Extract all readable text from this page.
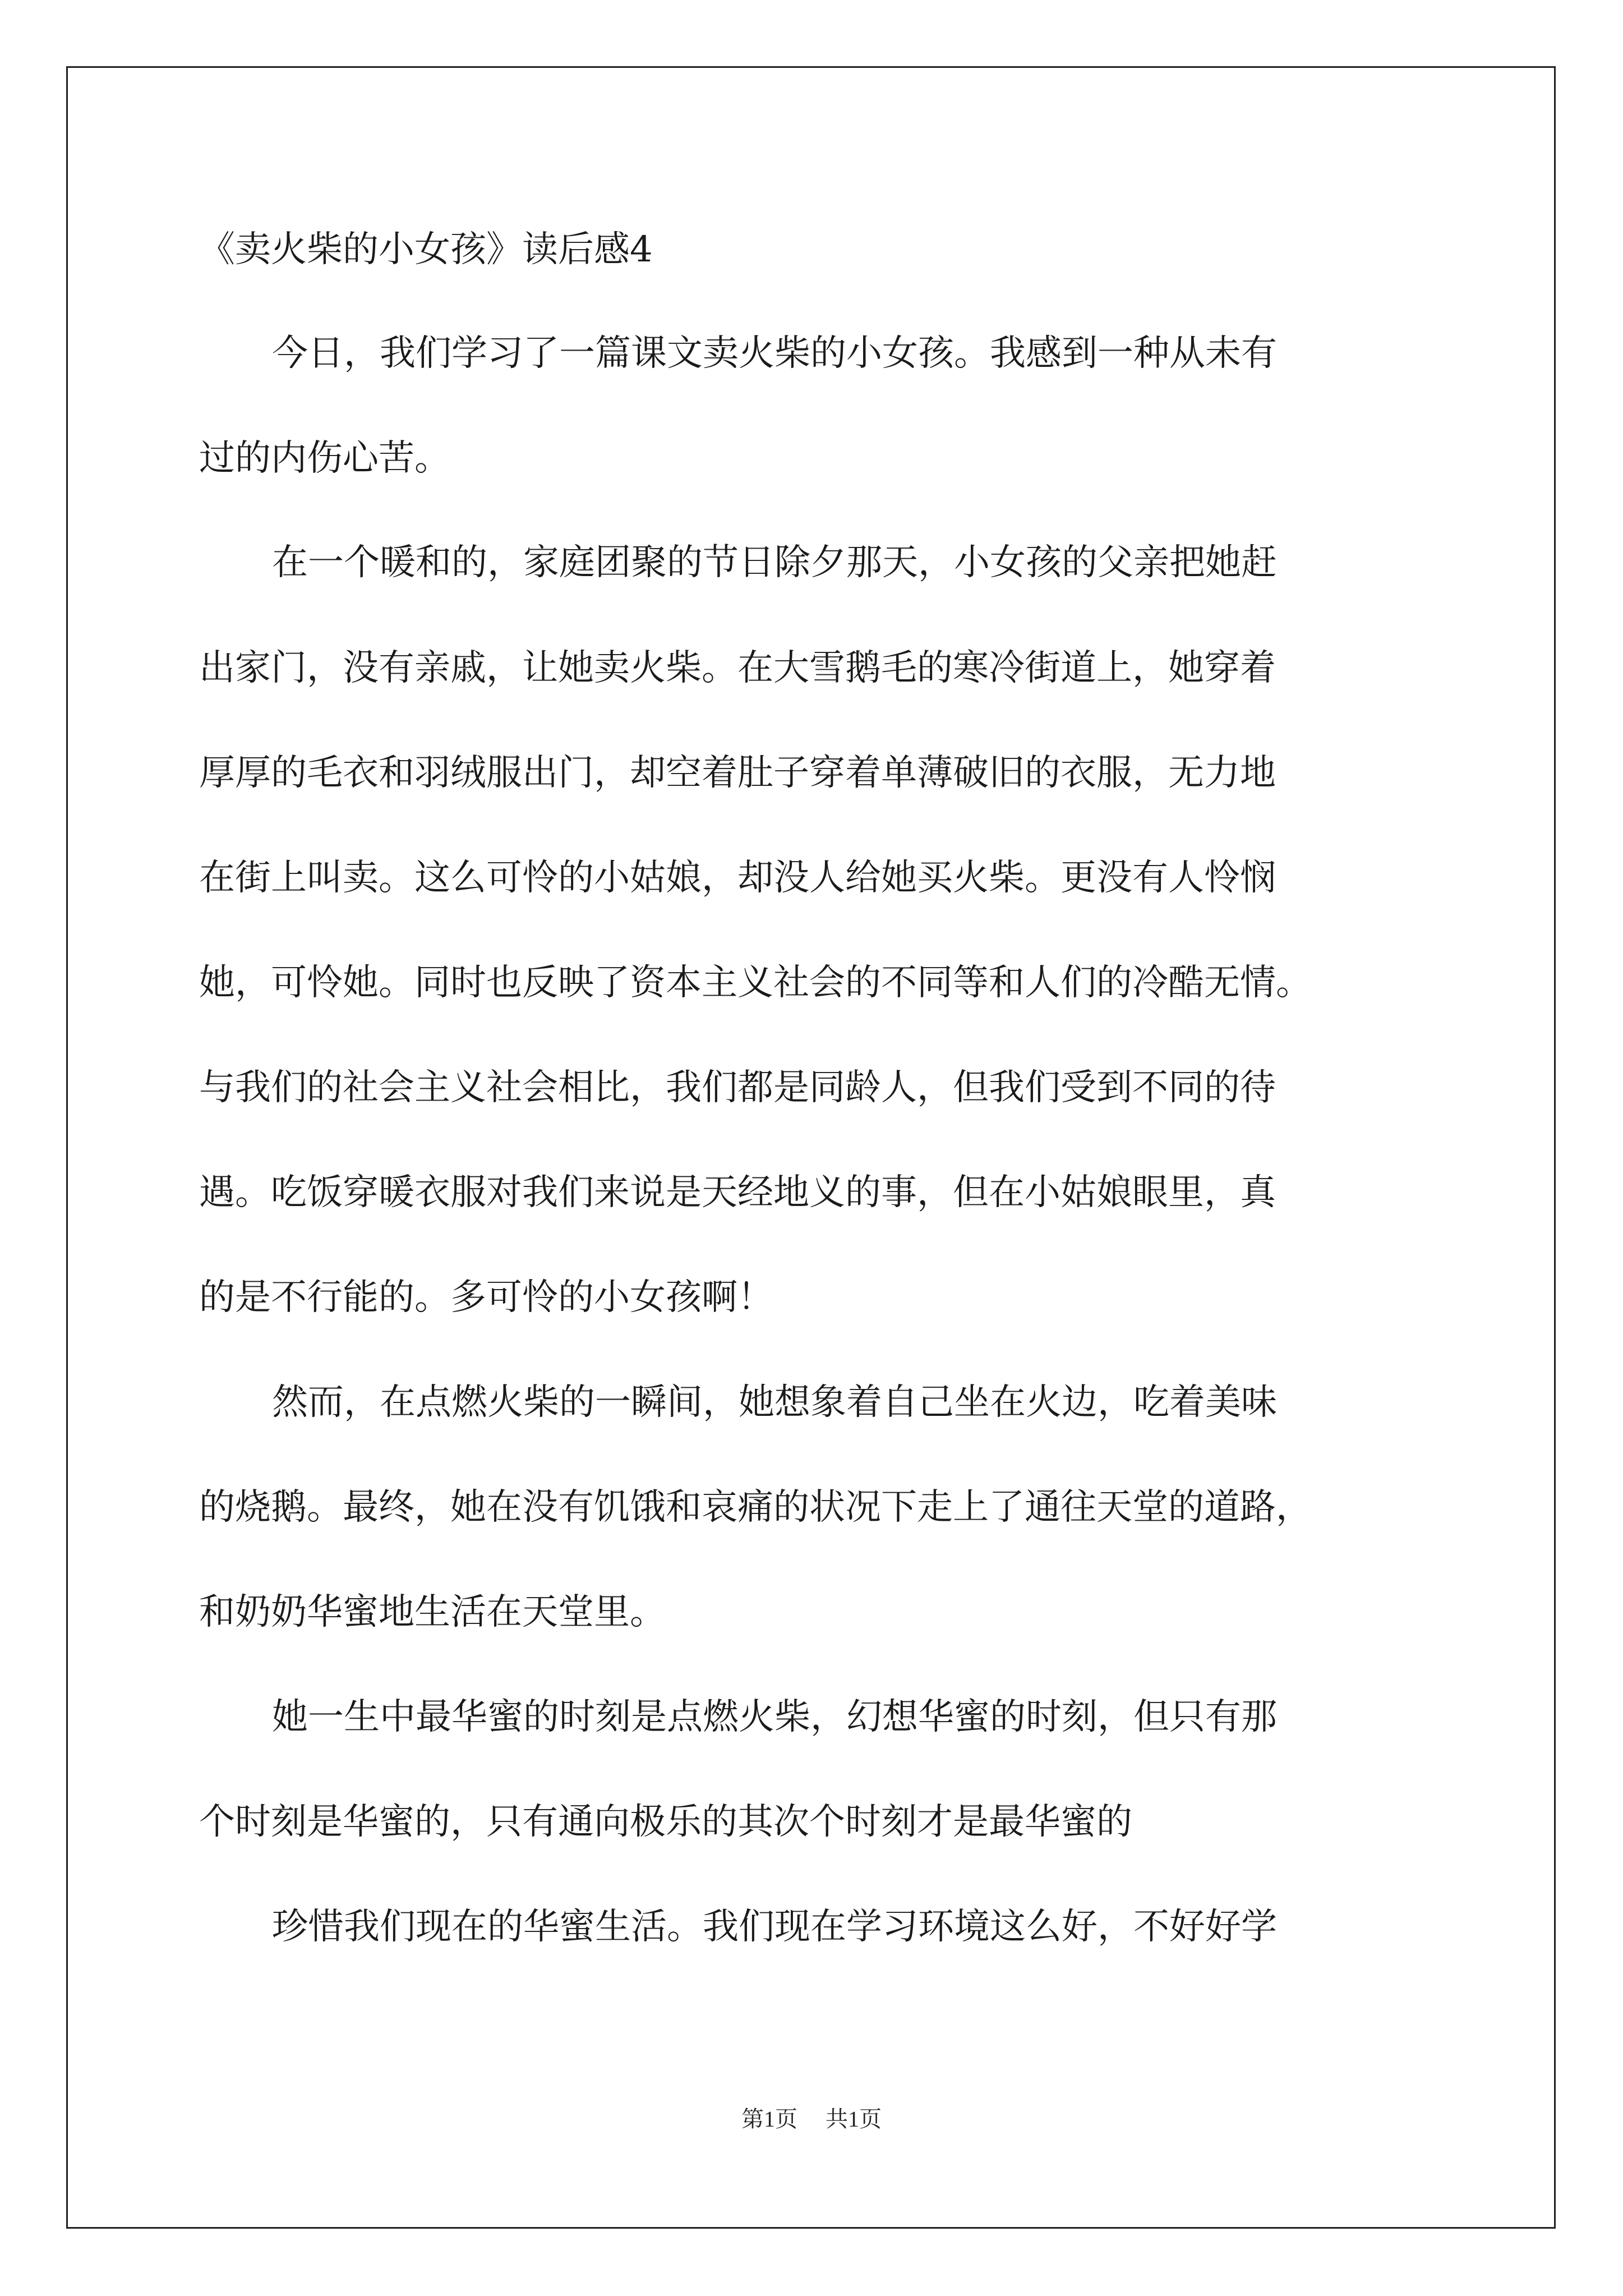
《卖火柴的小女孩》读后感4
今日，我们学习了一篇课文卖火柴的小女孩。我感到一种从未有
过的内伤心苦。
在一个暖和的，家庭团聚的节日除夕那天，小女孩的父亲把她赶
出家门，没有亲戚，让她卖火柴。在大雪鹅毛的寒冷街道上，她穿着
厚厚的毛衣和羽绒服出门，却空着肚子穿着单薄破旧的衣服，无力地
在街上叫卖。这么可怜的小姑娘，却没人给她买火柴。更没有人怜悯
她，可怜她。同时也反映了资本主义社会的不同等和人们的冷酷无情。
与我们的社会主义社会相比，我们都是同龄人，但我们受到不同的待
遇。吃饭穿暖衣服对我们来说是天经地义的事，但在小姑娘眼里，真
的是不行能的。多可怜的小女孩啊！
然而，在点燃火柴的一瞬间，她想象着自己坐在火边，吃着美味
的烧鹅。最终，她在没有饥饿和哀痛的状况下走上了通往天堂的道路，
和奶奶华蜜地生活在天堂里。
她一生中最华蜜的时刻是点燃火柴，幻想华蜜的时刻，但只有那
个时刻是华蜜的，只有通向极乐的其次个时刻才是最华蜜的
珍惜我们现在的华蜜生活。我们现在学习环境这么好，不好好学
第1页 共1页
